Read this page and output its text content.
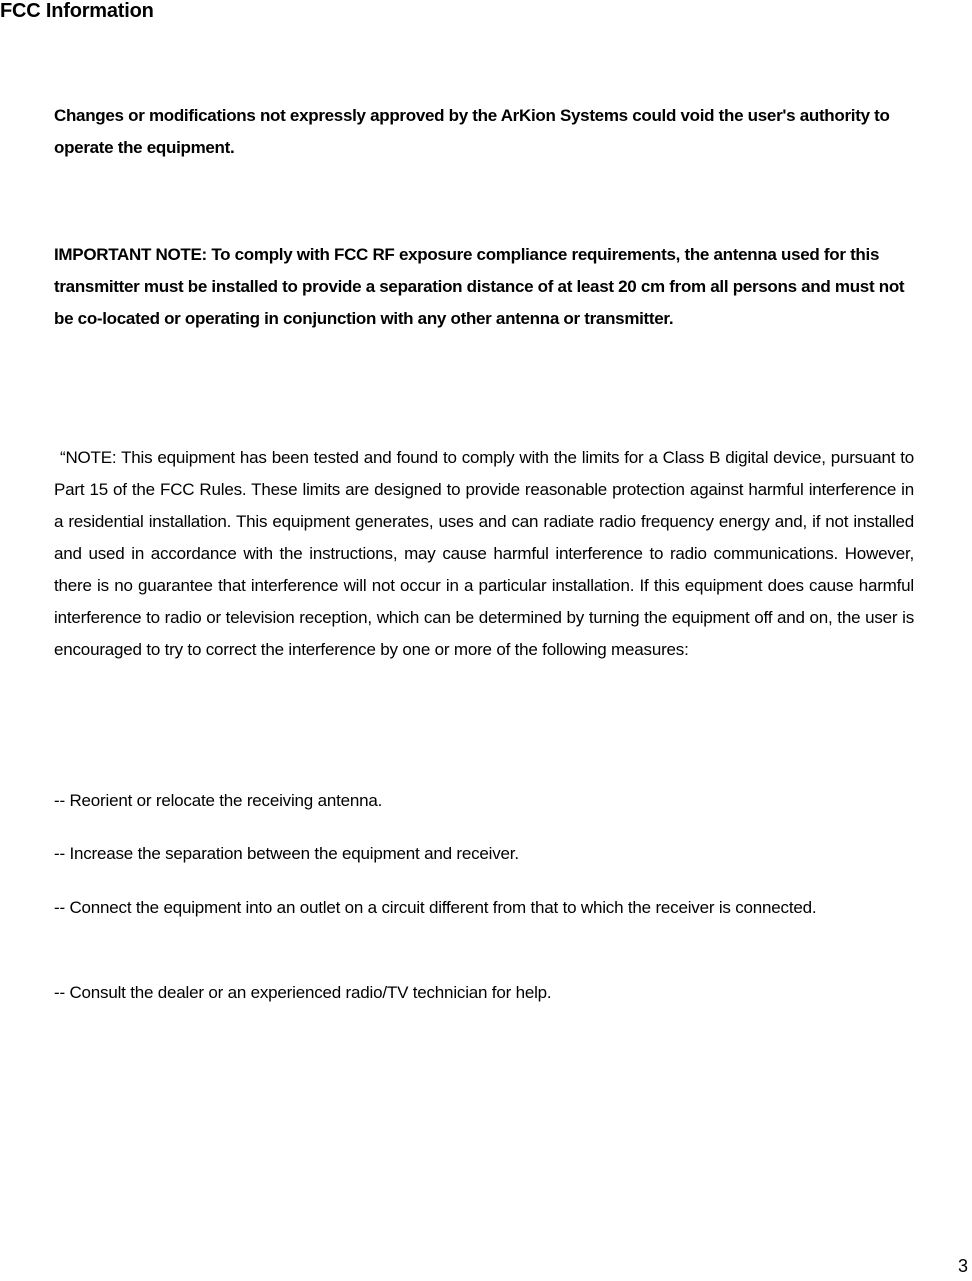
FCC Information
Changes or modifications not expressly approved by the ArKion Systems could void the user's authority to operate the equipment.
IMPORTANT NOTE: To comply with FCC RF exposure compliance requirements, the antenna used for this transmitter must be installed to provide a separation distance of at least 20 cm from all persons and must not be co-located or operating in conjunction with any other antenna or transmitter.
“NOTE: This equipment has been tested and found to comply with the limits for a Class B digital device, pursuant to Part 15 of the FCC Rules. These limits are designed to provide reasonable protection against harmful interference in a residential installation. This equipment generates, uses and can radiate radio frequency energy and, if not installed and used in accordance with the instructions, may cause harmful interference to radio communications. However, there is no guarantee that interference will not occur in a particular installation. If this equipment does cause harmful interference to radio or television reception, which can be determined by turning the equipment off and on, the user is encouraged to try to correct the interference by one or more of the following measures:
-- Reorient or relocate the receiving antenna.
-- Increase the separation between the equipment and receiver.
-- Connect the equipment into an outlet on a circuit different from that to which the receiver is connected.
-- Consult the dealer or an experienced radio/TV technician for help.
3
